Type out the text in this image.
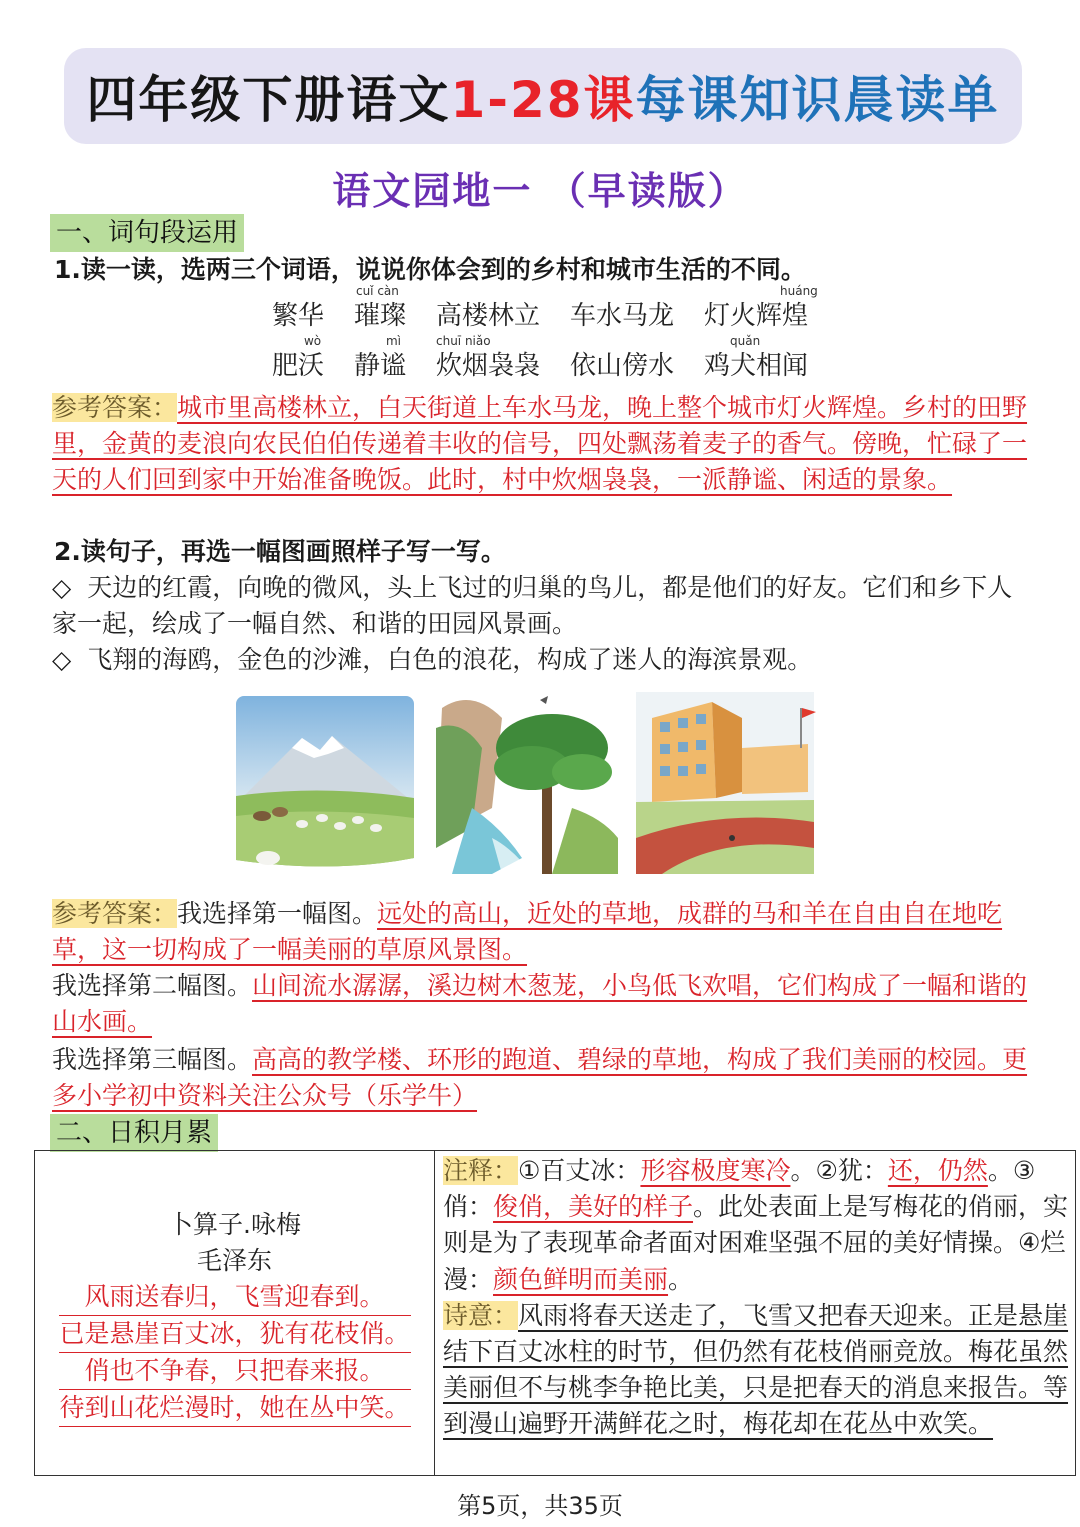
四年级下册语文 1-28课 每课知识晨读单
语文园地一 （早读版）
一、词句段运用
1.读一读，选两三个词语，说说你体会到的乡村和城市生活的不同。
繁华
cuǐ càn
璀璨 高楼林立 车水马龙
huáng
灯火辉煌
wò
肥沃
mì
静谧
chuī niǎo
炊烟袅袅 依山傍水
quǎn
鸡犬相闻
参考答案：城市里高楼林立，白天街道上车水马龙，晚上整个城市灯火辉煌。乡村的田野里，金黄的麦浪向农民伯伯传递着丰收的信号，四处飘荡着麦子的香气。傍晚，忙碌了一天的人们回到家中开始准备晚饭。此时，村中炊烟袅袅，一派静谧、闲适的景象。
2.读句子，再选一幅图画照样子写一写。
◇ 天边的红霞，向晚的微风，头上飞过的归巢的鸟儿，都是他们的好友。它们和乡下人家一起，绘成了一幅自然、和谐的田园风景画。
◇ 飞翔的海鸥，金色的沙滩，白色的浪花，构成了迷人的海滨景观。
参考答案：我选择第一幅图。远处的高山，近处的草地，成群的马和羊在自由自在地吃草，这一切构成了一幅美丽的草原风景图。
我选择第二幅图。山间流水潺潺，溪边树木葱茏，小鸟低飞欢唱，它们构成了一幅和谐的山水画。
我选择第三幅图。高高的教学楼、环形的跑道、碧绿的草地，构成了我们美丽的校园。更多小学初中资料关注公众号（乐学牛）
二、日积月累
卜算子.咏梅
毛泽东
风雨送春归，飞雪迎春到。
已是悬崖百丈冰，犹有花枝俏。
俏也不争春，只把春来报。
待到山花烂漫时，她在丛中笑。
注释：①百丈冰：形容极度寒冷。②犹：还，仍然。③俏：俊俏，美好的样子。此处表面上是写梅花的俏丽，实则是为了表现革命者面对困难坚强不屈的美好情操。④烂漫：颜色鲜明而美丽。
诗意：风雨将春天送走了，飞雪又把春天迎来。正是悬崖结下百丈冰柱的时节，但仍然有花枝俏丽竞放。梅花虽然美丽但不与桃李争艳比美，只是把春天的消息来报告。等到漫山遍野开满鲜花之时，梅花却在花丛中欢笑。
第5页，共35页
